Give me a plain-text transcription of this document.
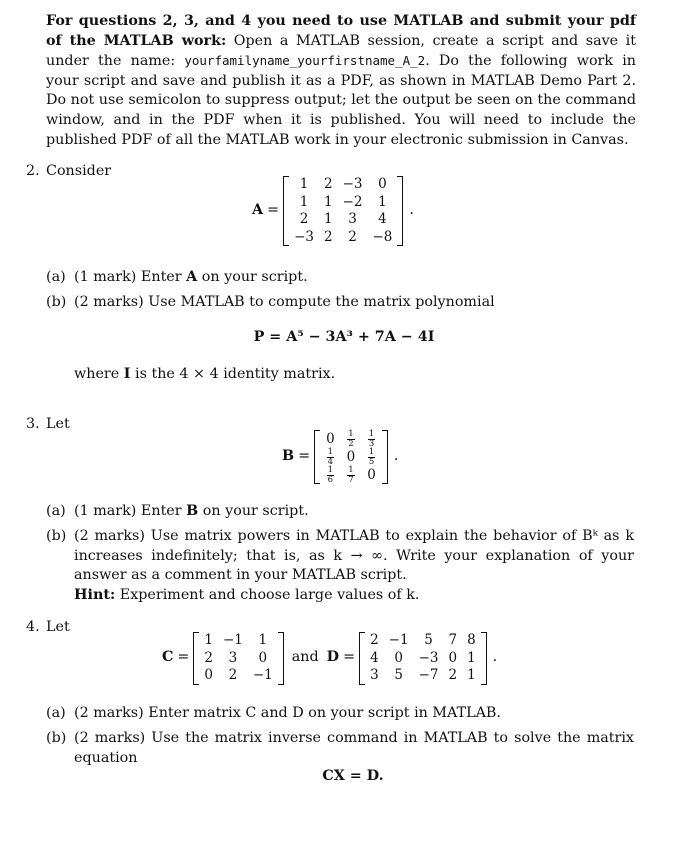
For questions 2, 3, and 4 you need to use MATLAB and submit your pdf of the MATLAB work: Open a MATLAB session, create a script and save it under the name: yourfamilyname_yourfirstname_A_2. Do the following work in your script and save and publish it as a PDF, as shown in MATLAB Demo Part 2. Do not use semicolon to suppress output; let the output be seen on the command window, and in the PDF when it is published. You will need to include the published PDF of all the MATLAB work in your electronic submission in Canvas.
2. Consider
A =
1	2	−3	0
1	1	−2	1
2	1	3	4
−3	2	2	−8
.
(a) (1 mark) Enter A on your script.
(b) (2 marks) Use MATLAB to compute the matrix polynomial
P = A⁵ − 3A³ + 7A − 4I
where I is the 4 × 4 identity matrix.
3. Let
B =
0	$\frac{1}{2}$	$\frac{1}{3}$

$\frac{1}{4}$	0	$\frac{1}{5}$

$\frac{1}{6}$	$\frac{1}{7}$	0
.
(a) (1 mark) Enter B on your script.
(b) (2 marks) Use matrix powers in MATLAB to explain the behavior of Bᵏ as k increases indefinitely; that is, as k → ∞. Write your explanation of your answer as a comment in your MATLAB script.
Hint: Experiment and choose large values of k.
4. Let
C =
1	−1	1
2	3	0
0	2	−1
and D =
2	−1	5	7	8
4	0	−3	0	1
3	5	−7	2	1
.
(a) (2 marks) Enter matrix C and D on your script in MATLAB.
(b) (2 marks) Use the matrix inverse command in MATLAB to solve the matrix equation
CX = D.
